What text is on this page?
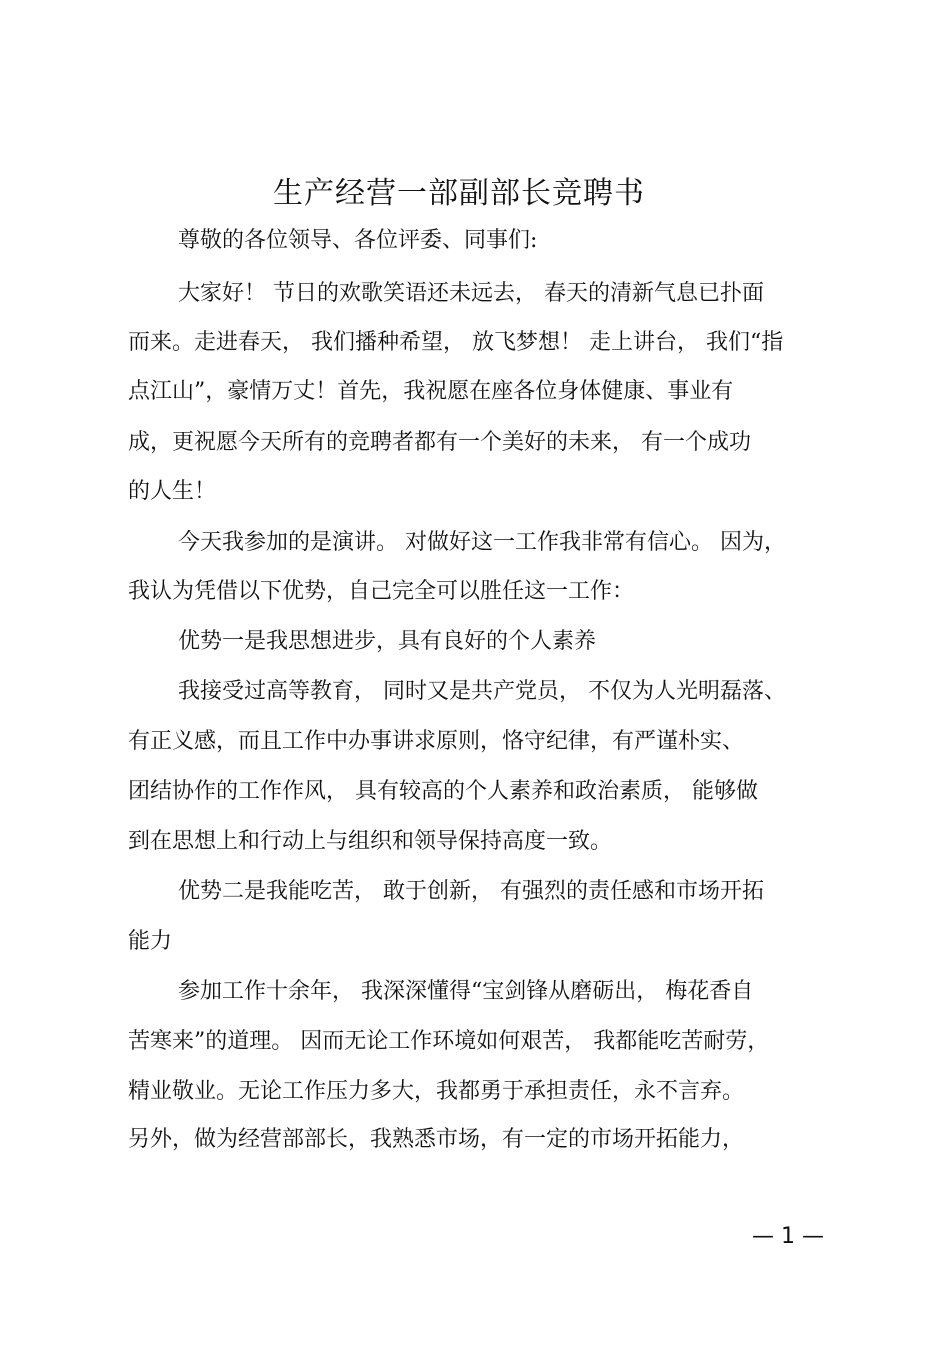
生产经营一部副部长竞聘书
尊敬的各位领导、各位评委、同事们:
大家好！ 节日的欢歌笑语还未远去， 春天的清新气息已扑面
而来。走进春天， 我们播种希望， 放飞梦想！ 走上讲台， 我们“指
点江山”，豪情万丈！首先，我祝愿在座各位身体健康、事业有
成，更祝愿今天所有的竞聘者都有一个美好的未来， 有一个成功
的人生！
今天我参加的是演讲。 对做好这一工作我非常有信心。 因为，
我认为凭借以下优势，自己完全可以胜任这一工作：
优势一是我思想进步，具有良好的个人素养
我接受过高等教育， 同时又是共产党员， 不仅为人光明磊落、
有正义感，而且工作中办事讲求原则，恪守纪律，有严谨朴实、
团结协作的工作作风， 具有较高的个人素养和政治素质， 能够做
到在思想上和行动上与组织和领导保持高度一致。
优势二是我能吃苦， 敢于创新， 有强烈的责任感和市场开拓
能力
参加工作十余年， 我深深懂得“宝剑锋从磨砺出， 梅花香自
苦寒来”的道理。 因而无论工作环境如何艰苦， 我都能吃苦耐劳，
精业敬业。无论工作压力多大，我都勇于承担责任，永不言弃。
另外，做为经营部部长，我熟悉市场，有一定的市场开拓能力，
— 1 —
